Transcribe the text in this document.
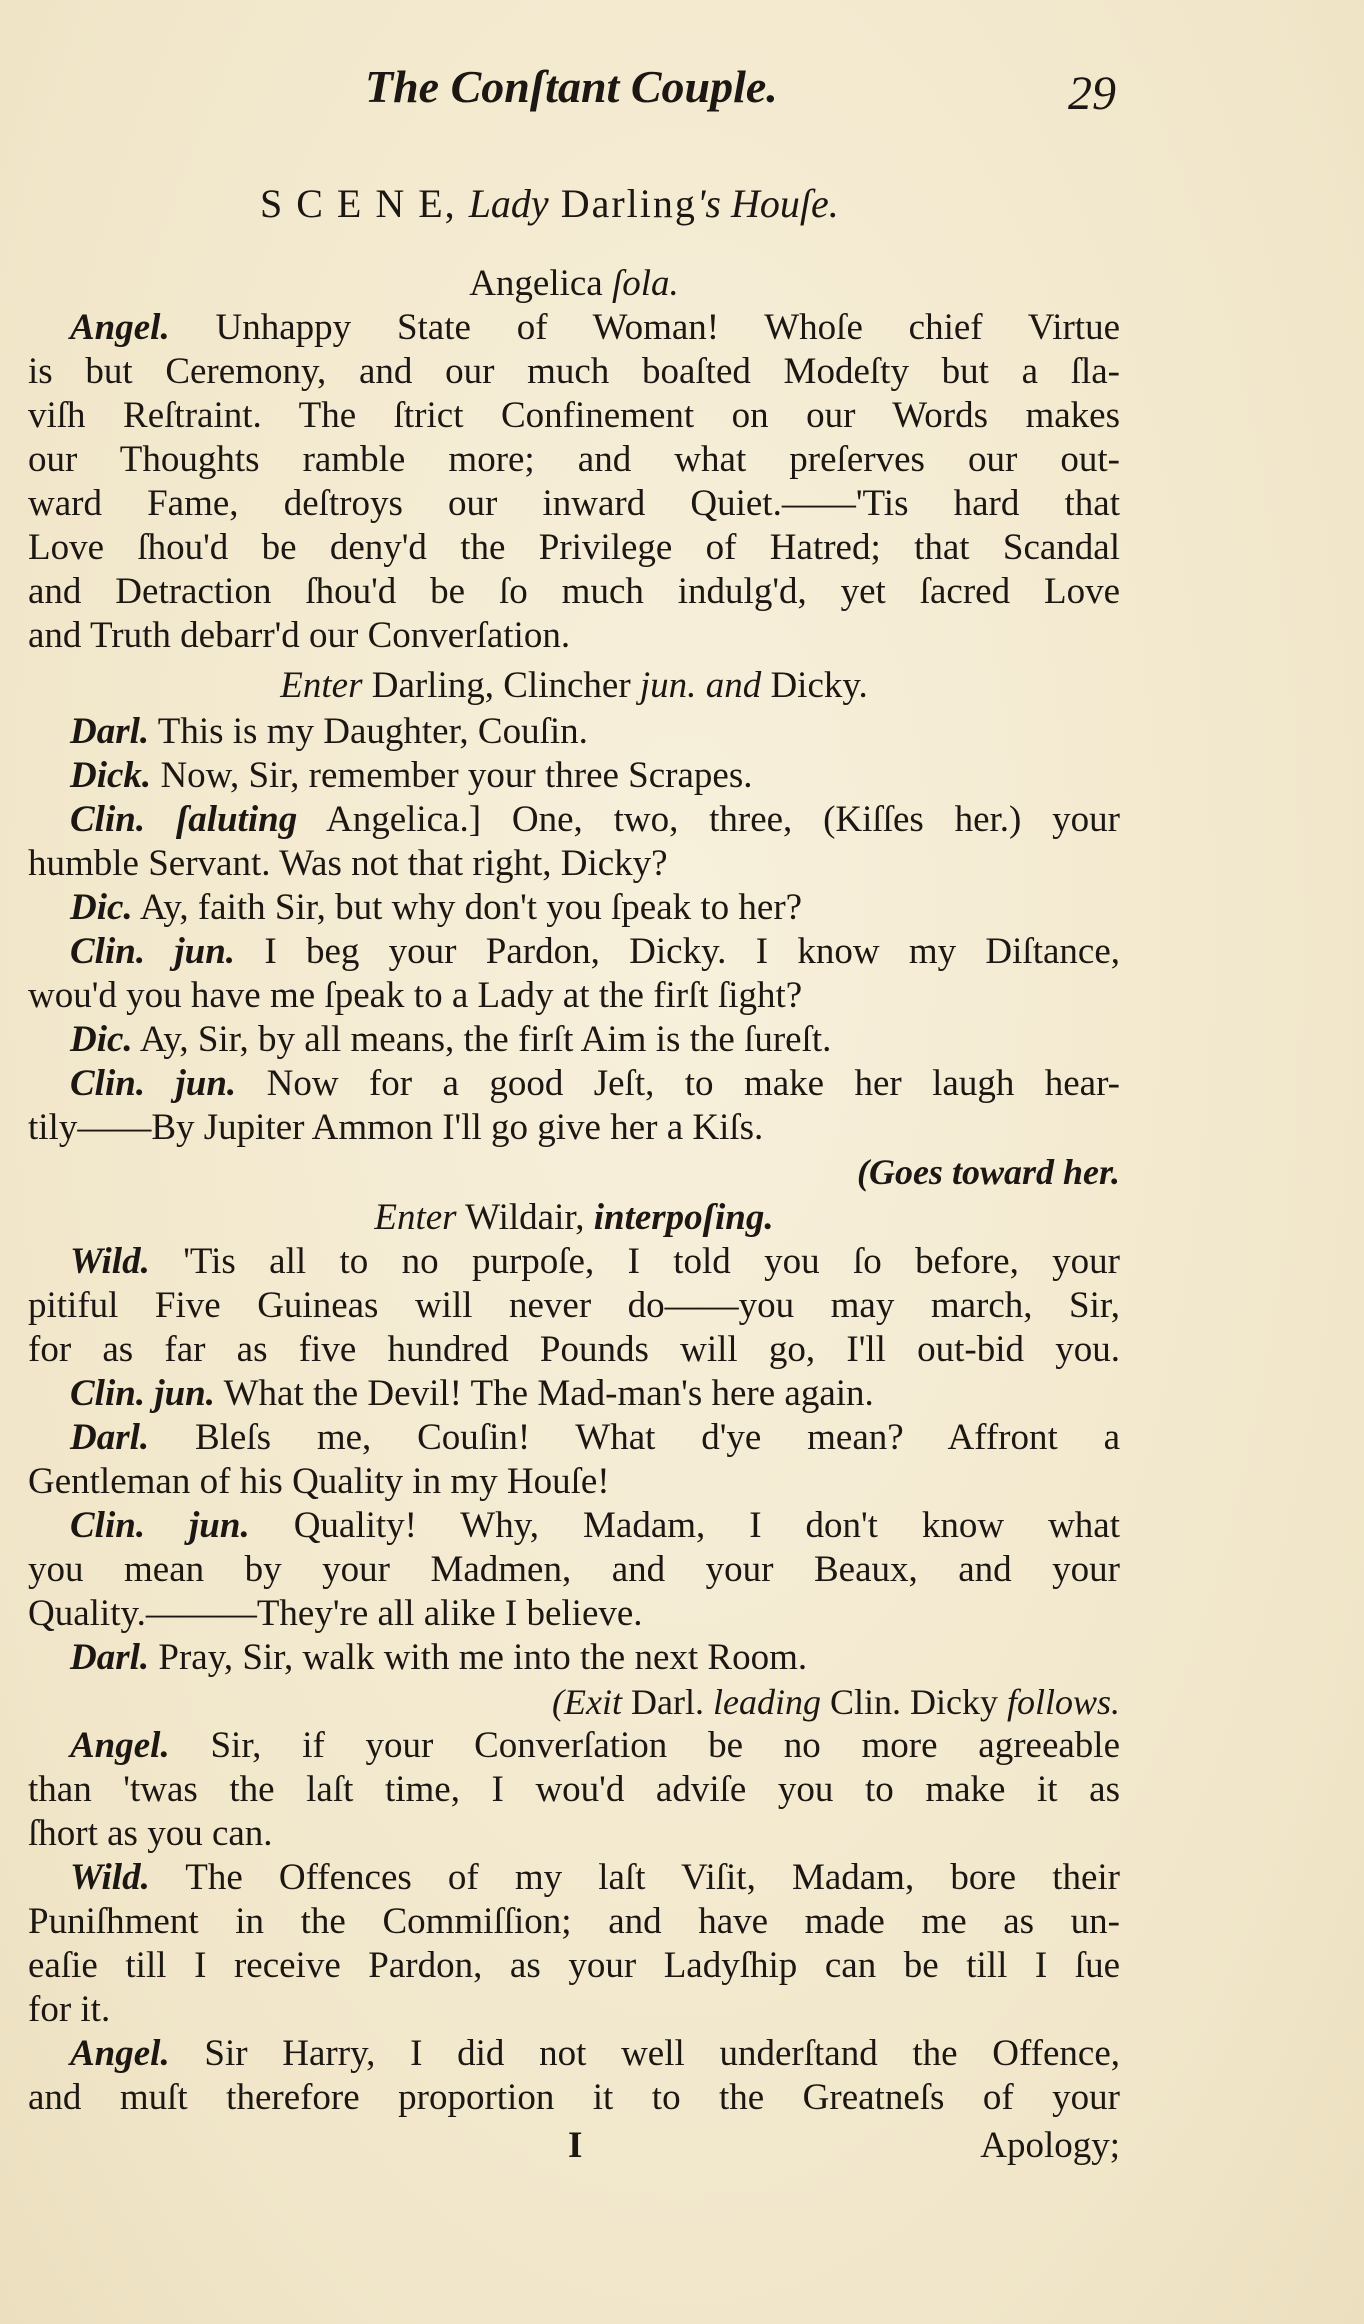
The Conſtant Couple.	29
S C E N E, Lady Darling's Houſe.
Angelica ſola.
Angel. Unhappy State of Woman! Whoſe chief Virtue
is but Ceremony, and our much boaſted Modeſty but a ſla-
viſh Reſtraint. The ſtrict Confinement on our Words makes
our Thoughts ramble more; and what preſerves our out-
ward Fame, deſtroys our inward Quiet.——'Tis hard that
Love ſhou'd be deny'd the Privilege of Hatred; that Scandal
and Detraction ſhou'd be ſo much indulg'd, yet ſacred Love
and Truth debarr'd our Converſation.
Enter Darling, Clincher jun. and Dicky.
Darl. This is my Daughter, Couſin.
Dick. Now, Sir, remember your three Scrapes.
Clin. ſaluting Angelica.] One, two, three, (Kiſſes her.) your
humble Servant. Was not that right, Dicky?
Dic. Ay, faith Sir, but why don't you ſpeak to her?
Clin. jun. I beg your Pardon, Dicky. I know my Diſtance,
wou'd you have me ſpeak to a Lady at the firſt ſight?
Dic. Ay, Sir, by all means, the firſt Aim is the ſureſt.
Clin. jun. Now for a good Jeſt, to make her laugh hear-
tily——By Jupiter Ammon I'll go give her a Kiſs.
(Goes toward her.
Enter Wildair, interpoſing.
Wild. 'Tis all to no purpoſe, I told you ſo before, your
pitiful Five Guineas will never do——you may march, Sir,
for as far as five hundred Pounds will go, I'll out-bid you.
Clin. jun. What the Devil! The Mad-man's here again.
Darl. Bleſs me, Couſin! What d'ye mean? Affront a
Gentleman of his Quality in my Houſe!
Clin. jun. Quality! Why, Madam, I don't know what
you mean by your Madmen, and your Beaux, and your
Quality.———They're all alike I believe.
Darl. Pray, Sir, walk with me into the next Room.
(Exit Darl. leading Clin. Dicky follows.
Angel. Sir, if your Converſation be no more agreeable
than 'twas the laſt time, I wou'd adviſe you to make it as
ſhort as you can.
Wild. The Offences of my laſt Viſit, Madam, bore their
Puniſhment in the Commiſſion; and have made me as un-
eaſie till I receive Pardon, as your Ladyſhip can be till I ſue
for it.
Angel. Sir Harry, I did not well underſtand the Offence,
and muſt therefore proportion it to the Greatneſs of your
I	Apology;
